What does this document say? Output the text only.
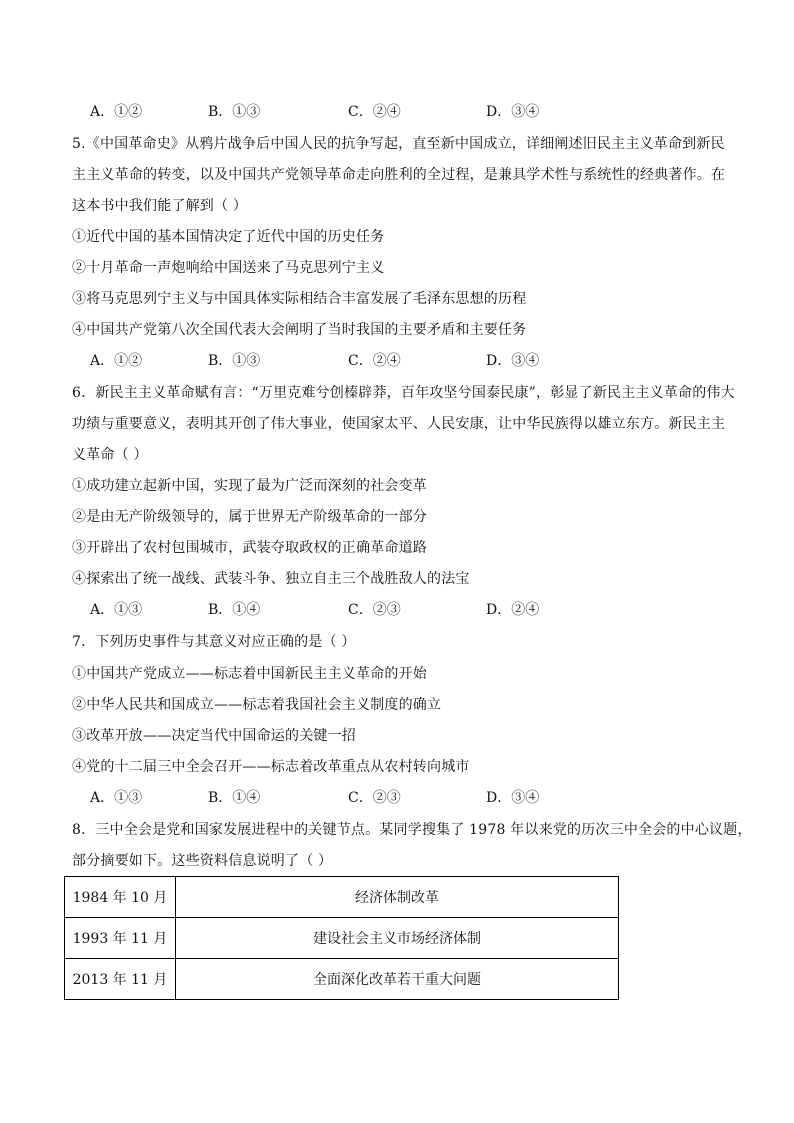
A．①②	B．①③	C．②④	D．③④
5.《中国革命史》从鸦片战争后中国人民的抗争写起，直至新中国成立，详细阐述旧民主主义革命到新民
主主义革命的转变，以及中国共产党领导革命走向胜利的全过程，是兼具学术性与系统性的经典著作。在
这本书中我们能了解到（ ）
①近代中国的基本国情决定了近代中国的历史任务
②十月革命一声炮响给中国送来了马克思列宁主义
③将马克思列宁主义与中国具体实际相结合丰富发展了毛泽东思想的历程
④中国共产党第八次全国代表大会阐明了当时我国的主要矛盾和主要任务
A．①②	B．①③	C．②④	D．③④
6．新民主主义革命赋有言：“万里克难兮创榛辟莽，百年攻坚兮国泰民康”，彰显了新民主主义革命的伟大
功绩与重要意义，表明其开创了伟大事业，使国家太平、人民安康，让中华民族得以雄立东方。新民主主
义革命（ ）
①成功建立起新中国，实现了最为广泛而深刻的社会变革
②是由无产阶级领导的，属于世界无产阶级革命的一部分
③开辟出了农村包围城市，武装夺取政权的正确革命道路
④探索出了统一战线、武装斗争、独立自主三个战胜敌人的法宝
A．①③	B．①④	C．②③	D．②④
7．下列历史事件与其意义对应正确的是（ ）
①中国共产党成立——标志着中国新民主主义革命的开始
②中华人民共和国成立——标志着我国社会主义制度的确立
③改革开放——决定当代中国命运的关键一招
④党的十二届三中全会召开——标志着改革重点从农村转向城市
A．①③	B．①④	C．②③	D．③④
8．三中全会是党和国家发展进程中的关键节点。某同学搜集了 1978 年以来党的历次三中全会的中心议题，
部分摘要如下。这些资料信息说明了（ ）
1984 年 10 月	经济体制改革
1993 年 11 月	建设社会主义市场经济体制
2013 年 11 月	全面深化改革若干重大问题
